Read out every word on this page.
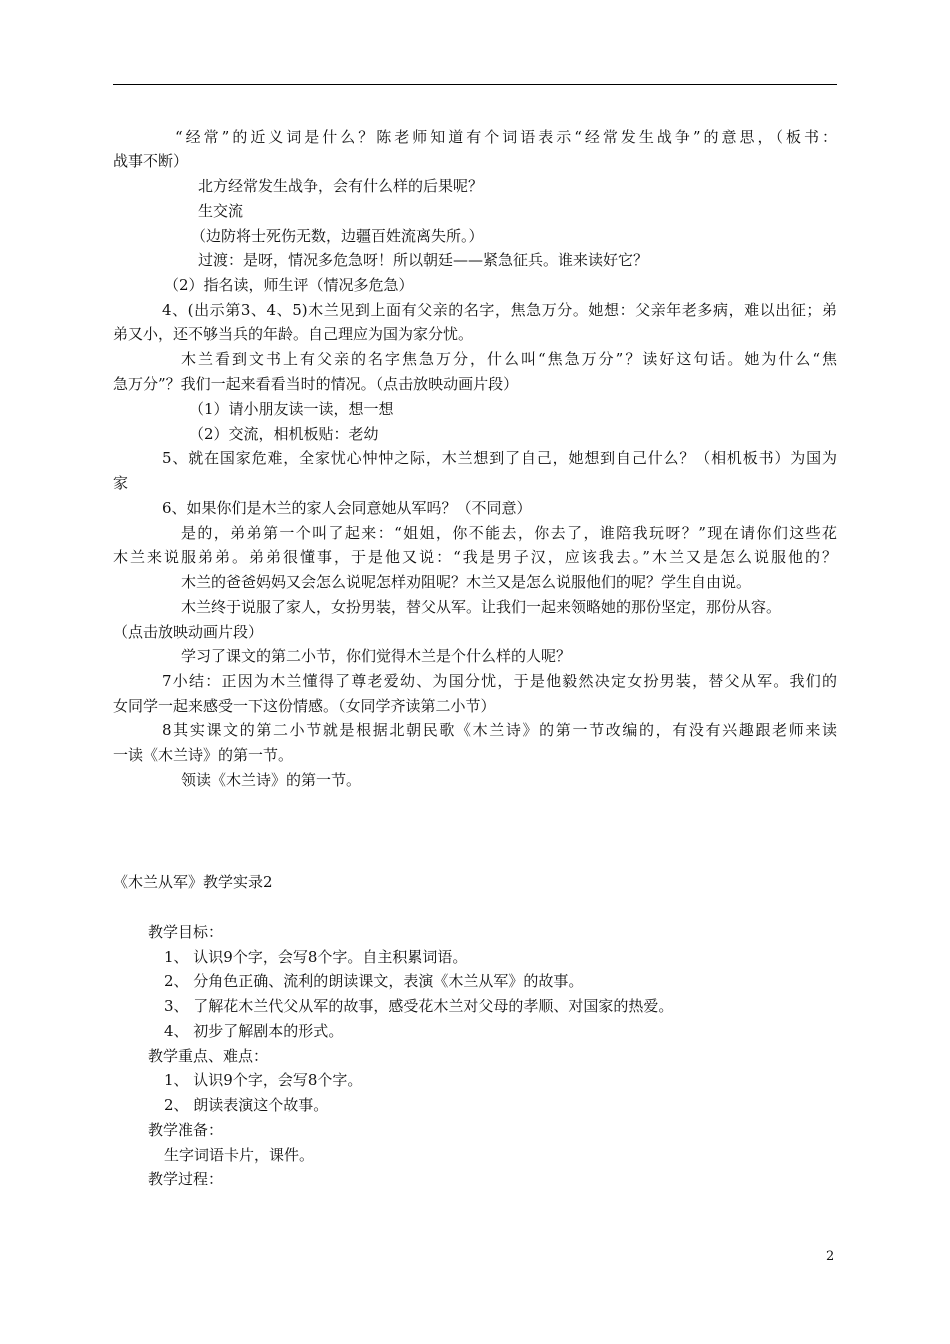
“经常”的近义词是什么？陈老师知道有个词语表示“经常发生战争”的意思，（板书：
战事不断）
北方经常发生战争，会有什么样的后果呢？
生交流
（边防将士死伤无数，边疆百姓流离失所。）
过渡：是呀，情况多危急呀！所以朝廷——紧急征兵。谁来读好它？
（2）指名读，师生评（情况多危急）
4、(出示第3、4、5)木兰见到上面有父亲的名字，焦急万分。她想：父亲年老多病，难以出征；弟
弟又小，还不够当兵的年龄。自己理应为国为家分忧。
木兰看到文书上有父亲的名字焦急万分，什么叫“焦急万分”？读好这句话。她为什么“焦
急万分”？我们一起来看看当时的情况。（点击放映动画片段）
（1）请小朋友读一读，想一想
（2）交流，相机板贴：老幼
5、就在国家危难，全家忧心忡忡之际，木兰想到了自己，她想到自己什么？（相机板书）为国为
家
6、如果你们是木兰的家人会同意她从军吗？（不同意）
是的，弟弟第一个叫了起来：“姐姐，你不能去，你去了，谁陪我玩呀？”现在请你们这些花
木兰来说服弟弟。弟弟很懂事，于是他又说：“我是男子汉，应该我去。”木兰又是怎么说服他的？
木兰的爸爸妈妈又会怎么说呢怎样劝阻呢？木兰又是怎么说服他们的呢？学生自由说。
木兰终于说服了家人，女扮男装，替父从军。让我们一起来领略她的那份坚定，那份从容。
（点击放映动画片段）
学习了课文的第二小节，你们觉得木兰是个什么样的人呢？
7小结：正因为木兰懂得了尊老爱幼、为国分忧，于是他毅然决定女扮男装，替父从军。我们的
女同学一起来感受一下这份情感。（女同学齐读第二小节）
8其实课文的第二小节就是根据北朝民歌《木兰诗》的第一节改编的，有没有兴趣跟老师来读
一读《木兰诗》的第一节。
领读《木兰诗》的第一节。
《木兰从军》教学实录2
教学目标：
1、 认识9个字，会写8个字。自主积累词语。
2、 分角色正确、流利的朗读课文，表演《木兰从军》的故事。
3、 了解花木兰代父从军的故事，感受花木兰对父母的孝顺、对国家的热爱。
4、 初步了解剧本的形式。
教学重点、难点：
1、 认识9个字，会写8个字。
2、 朗读表演这个故事。
教学准备：
生字词语卡片，课件。
教学过程：
2
